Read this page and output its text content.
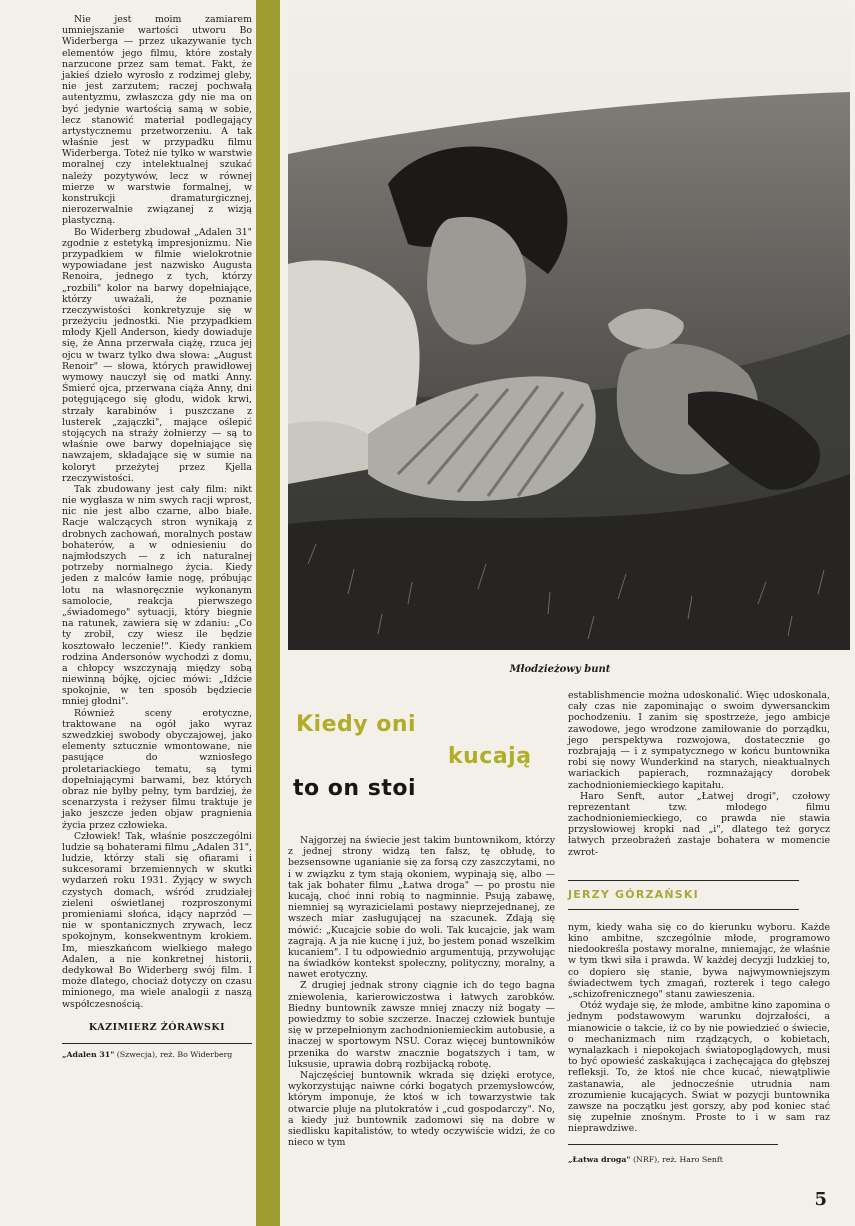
Nie jest moim zamiarem umniejszanie wartości utworu Bo Widerberga — przez ukazywanie tych elementów jego filmu, które zostały narzucone przez sam temat. Fakt, że jakieś dzieło wyrosło z rodzimej gleby, nie jest zarzutem; raczej pochwałą autentyzmu, zwłaszcza gdy nie ma on być jedynie wartością samą w sobie, lecz stanowić materiał podlegający artystycznemu przetworzeniu. A tak właśnie jest w przypadku filmu Widerberga. Toteż nie tylko w warstwie moralnej czy intelektualnej szukać należy pozytywów, lecz w równej mierze w warstwie formalnej, w konstrukcji dramaturgicznej, nierozerwalnie związanej z wizją plastyczną.

Bo Widerberg zbudował „Adalen 31" zgodnie z estetyką impresjonizmu. Nie przypadkiem w filmie wielokrotnie wypowiadane jest nazwisko Augusta Renoira, jednego z tych, którzy „rozbili" kolor na barwy dopełniające, którzy uważali, że poznanie rzeczywistości konkretyzuje się w przeżyciu jednostki. Nie przypadkiem młody Kjell Anderson, kiedy dowiaduje się, że Anna przerwała ciążę, rzuca jej ojcu w twarz tylko dwa słowa: „August Renoir" — słowa, których prawidłowej wymowy nauczył się od matki Anny. Śmierć ojca, przerwana ciąża Anny, dni potęgującego się głodu, widok krwi, strzały karabinów i puszczane z lusterek „zajączki", mające oślepić stojących na straży żołnierzy — są to właśnie owe barwy dopełniające się nawzajem, składające się w sumie na koloryt przeżytej przez Kjella rzeczywistości.

Tak zbudowany jest cały film: nikt nie wygłasza w nim swych racji wprost, nic nie jest albo czarne, albo białe. Racje walczących stron wynikają z drobnych zachowań, moralnych postaw bohaterów, a w odniesieniu do najmłodszych — z ich naturalnej potrzeby normalnego życia. Kiedy jeden z malców łamie nogę, próbując lotu na własnoręcznie wykonanym samolocie, reakcja pierwszego „świadomego" sytuacji, który biegnie na ratunek, zawiera się w zdaniu: „Co ty zrobił, czy wiesz ile będzie kosztowało leczenie!". Kiedy rankiem rodzina Andersonów wychodzi z domu, a chłopcy wszczynają między sobą niewinną bójkę, ojciec mówi: „Idźcie spokojnie, w ten sposób będziecie mniej głodni".

Również sceny erotyczne, traktowane na ogół jako wyraz szwedzkiej swobody obyczajowej, jako elementy sztucznie wmontowane, nie pasujące do wzniosłego proletariackiego tematu, są tymi dopełniającymi barwami, bez których obraz nie byłby pełny, tym bardziej, że scenarzysta i reżyser filmu traktuje je jako jeszcze jeden objaw pragnienia życia przez człowieka.

Człowiek! Tak, właśnie poszczególni ludzie są bohaterami filmu „Adalen 31", ludzie, którzy stali się ofiarami i sukcesorami brzemiennych w skutki wydarzeń roku 1931. Żyjący w swych czystych domach, wśród zrudziałej zieleni oświetlanej rozproszonymi promieniami słońca, idący naprzód — nie w spontanicznych zrywach, lecz spokojnym, konsekwentnym krokiem. Im, mieszkańcom wielkiego małego Adalen, a nie konkretnej historii, dedykował Bo Widerberg swój film. I może dlatego, chociaż dotyczy on czasu minionego, ma wiele analogii z naszą współczesnością.

KAZIMIERZ ŻÓRAWSKI
„Adalen 31" (Szwecja), reż. Bo Widerberg
Młodzieżowy bunt
Kiedy oni
kucają
to on stoi

Najgorzej na świecie jest takim buntownikom, którzy z jednej strony widzą ten fałsz, tę obłudę, to bezsensowne uganianie się za forsą czy zaszczytami, no i w związku z tym stają okoniem, wypinają się, albo — tak jak bohater filmu „Łatwa droga" — po prostu nie kucają, choć inni robią to nagminnie. Psują zabawę, niemniej są wyrazicielami postawy nieprzejednanej, ze wszech miar zasługującej na szacunek. Zdają się mówić: „Kucajcie sobie do woli. Tak kucajcie, jak wam zagrają. A ja nie kucnę i już, bo jestem ponad wszelkim kucaniem". I tu odpowiednio argumentują, przywołując na świadków kontekst społeczny, polityczny, moralny, a nawet erotyczny.

Z drugiej jednak strony ciągnie ich do tego bagna zniewolenia, karierowiczostwa i łatwych zarobków. Biedny buntownik zawsze mniej znaczy niż bogaty — powiedzmy to sobie szczerze. Inaczej człowiek buntuje się w przepełnionym zachodnioniemieckim autobusie, a inaczej w sportowym NSU. Coraz więcej buntowników przenika do warstw znacznie bogatszych i tam, w luksusie, uprawia dobrą rozbijacką robotę.

Najczęściej buntownik wkrada się dzięki erotyce, wykorzystując naiwne córki bogatych przemysłowców, którym imponuje, że ktoś w ich towarzystwie tak otwarcie pluje na plutokratów i „cud gospodarczy". No, a kiedy już buntownik zadomowi się na dobre w siedlisku kapitalistów, to wtedy oczywiście widzi, że co nieco w tym

establishmencie można udoskonalić. Więc udoskonala, cały czas nie zapominając o swoim dywersanckim pochodzeniu. I zanim się spostrzeże, jego ambicje zawodowe, jego wrodzone zamiłowanie do porządku, jego perspektywa rozwojowa, dostatecznie go rozbrajają — i z sympatycznego w końcu buntownika robi się nowy Wunderkind na starych, nieaktualnych wariackich papierach, rozmnażający dorobek zachodnioniemieckiego kapitału.

Haro Senft, autor „Łatwej drogi", czołowy reprezentant tzw. młodego filmu zachodnioniemieckiego, co prawda nie stawia przysłowiowej kropki nad „i", dlatego też gorycz łatwych przeobrażeń zastaje bohatera w momencie zwrot-

JERZY GÓRZAŃSKI

nym, kiedy waha się co do kierunku wyboru. Każde kino ambitne, szczególnie młode, programowo niedookreśla postawy moralne, mniemając, że właśnie w tym tkwi siła i prawda. W każdej decyzji ludzkiej to, co dopiero się stanie, bywa najwymowniejszym świadectwem tych zmagań, rozterek i tego całego „schizofrenicznego" stanu zawieszenia.

Otóż wydaje się, że młode, ambitne kino zapomina o jednym podstawowym warunku dojrzałości, a mianowicie o takcie, iż co by nie powiedzieć o świecie, o mechanizmach nim rządzących, o kobietach, wynalazkach i niepokojach światopoglądowych, musi to być opowieść zaskakująca i zachęcająca do głębszej refleksji. To, że ktoś nie chce kucać, niewątpliwie zastanawia, ale jednocześnie utrudnia nam zrozumienie kucających. Świat w pozycji buntownika zawsze na początku jest gorszy, aby pod koniec stać się zupełnie znośnym. Proste to i w sam raz nieprawdziwe.

„Łatwa droga" (NRF), reż. Haro Senft
5
